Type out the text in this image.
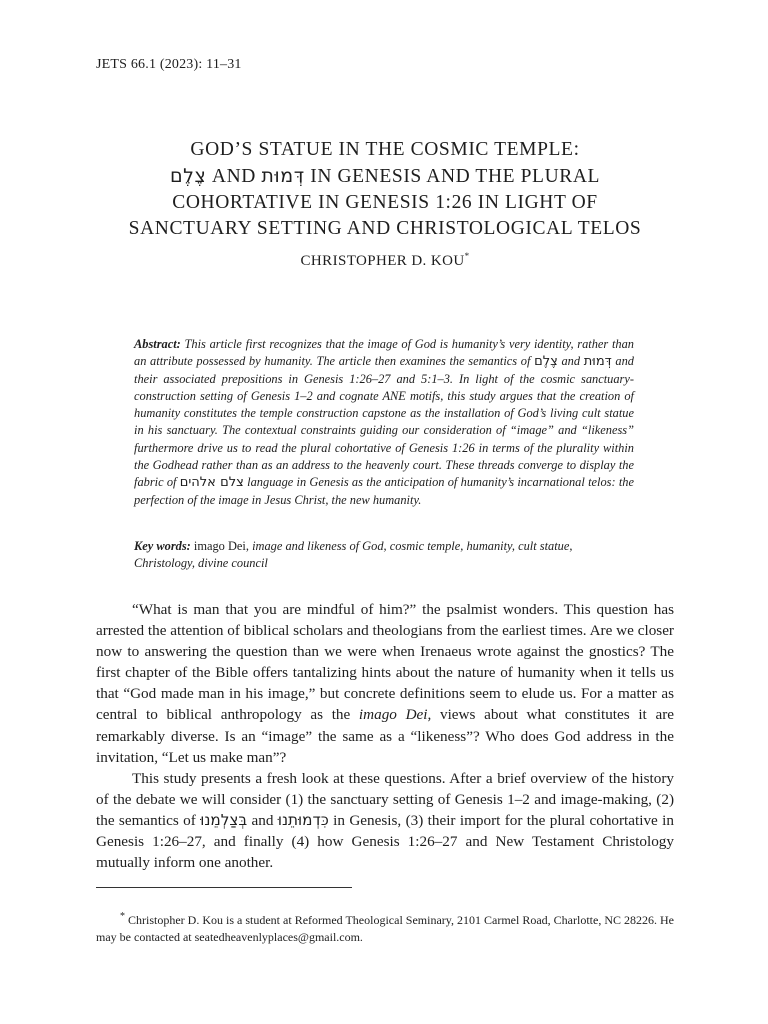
JETS 66.1 (2023): 11–31
GOD’S STATUE IN THE COSMIC TEMPLE:
צֶלֶם AND דְּמוּת IN GENESIS AND THE PLURAL
COHORTATIVE IN GENESIS 1:26 IN LIGHT OF
SANCTUARY SETTING AND CHRISTOLOGICAL TELOS
CHRISTOPHER D. KOU*
Abstract: This article first recognizes that the image of God is humanity’s very identity, rather than an attribute possessed by humanity. The article then examines the semantics of צֶלֶם and דְּמוּת and their associated prepositions in Genesis 1:26–27 and 5:1–3. In light of the cosmic sanctuary-construction setting of Genesis 1–2 and cognate ANE motifs, this study argues that the creation of humanity constitutes the temple construction capstone as the installation of God’s living cult statue in his sanctuary. The contextual constraints guiding our consideration of “image” and “likeness” furthermore drive us to read the plural cohortative of Genesis 1:26 in terms of the plurality within the Godhead rather than as an address to the heavenly court. These threads converge to display the fabric of צלם אלהים language in Genesis as the anticipation of humanity’s incarnational telos: the perfection of the image in Jesus Christ, the new humanity.
Key words: imago Dei, image and likeness of God, cosmic temple, humanity, cult statue, Christology, divine council

“What is man that you are mindful of him?” the psalmist wonders. This question has arrested the attention of biblical scholars and theologians from the earliest times. Are we closer now to answering the question than we were when Irenaeus wrote against the gnostics? The first chapter of the Bible offers tantalizing hints about the nature of humanity when it tells us that “God made man in his image,” but concrete definitions seem to elude us. For a matter as central to biblical anthropology as the imago Dei, views about what constitutes it are remarkably diverse. Is an “image” the same as a “likeness”? Who does God address in the invitation, “Let us make man”?

This study presents a fresh look at these questions. After a brief overview of the history of the debate we will consider (1) the sanctuary setting of Genesis 1–2 and image-making, (2) the semantics of בְּצַלְמֵנוּ and כִּדְמוּתֵנוּ in Genesis, (3) their import for the plural cohortative in Genesis 1:26–27, and finally (4) how Genesis 1:26–27 and New Testament Christology mutually inform one another.

* Christopher D. Kou is a student at Reformed Theological Seminary, 2101 Carmel Road, Charlotte, NC 28226. He may be contacted at seatedheavenlyplaces@gmail.com.
